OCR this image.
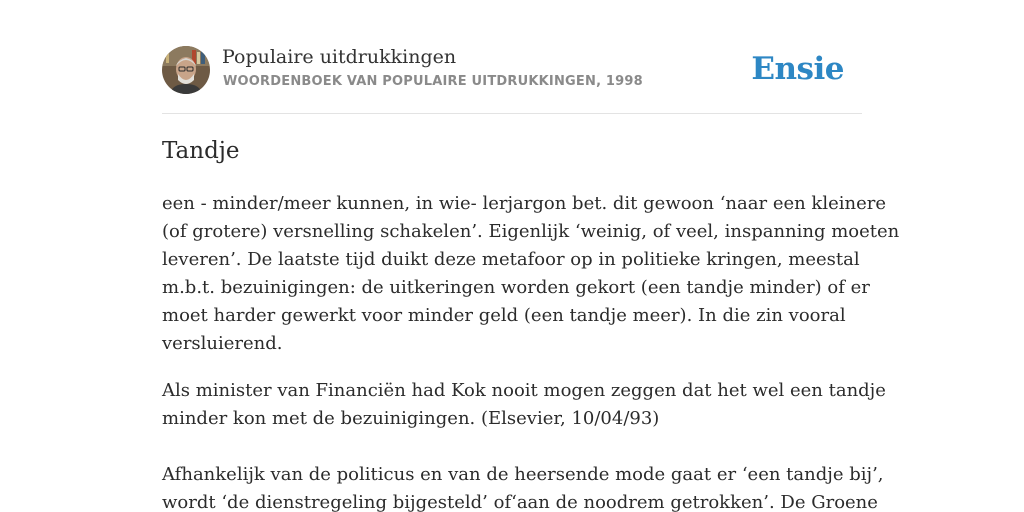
Populaire uitdrukkingen
WOORDENBOEK VAN POPULAIRE UITDRUKKINGEN, 1998	Ensie
Tandje

een - minder/meer kunnen, in wie- lerjargon bet. dit gewoon ‘naar een kleinere
(of grotere) versnelling schakelen’. Eigenlijk ‘weinig, of veel, inspanning moeten
leveren’. De laatste tijd duikt deze metafoor op in politieke kringen, meestal
m.b.t. bezuinigingen: de uitkeringen worden gekort (een tandje minder) of er
moet harder gewerkt voor minder geld (een tandje meer). In die zin vooral
versluierend.

Als minister van Financiën had Kok nooit mogen zeggen dat het wel een tandje
minder kon met de bezuinigingen. (Elsevier, 10/04/93)

Afhankelijk van de politicus en van de heersende mode gaat er ‘een tandje bij’,
wordt ‘de dienstregeling bijgesteld’ of‘aan de noodrem getrokken’. De Groene
